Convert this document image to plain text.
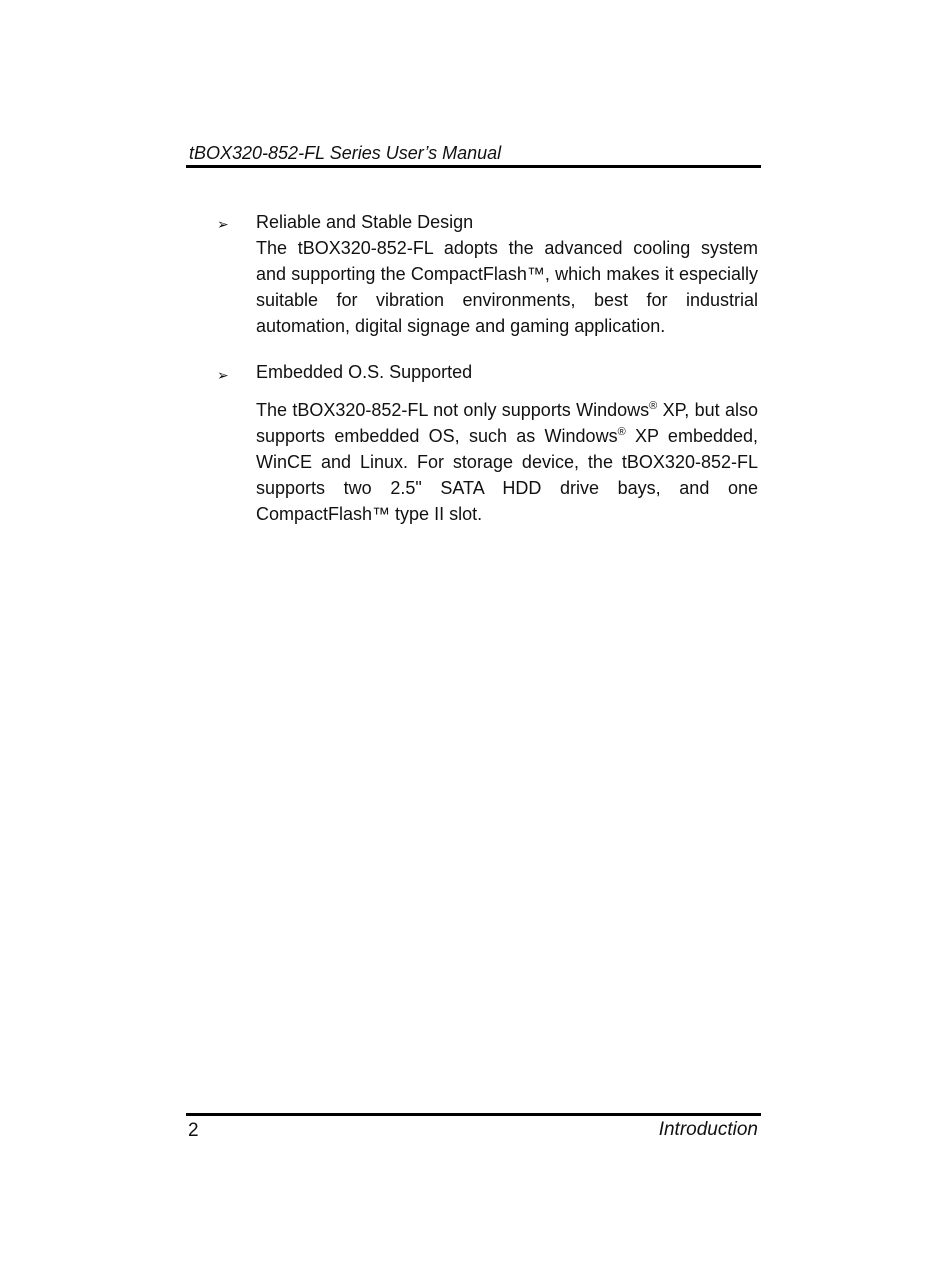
tBOX320-852-FL Series User’s Manual
➢ Reliable and Stable Design
The tBOX320-852-FL adopts the advanced cooling system and supporting the CompactFlash™, which makes it especially suitable for vibration environments, best for industrial automation, digital signage and gaming application.
➢ Embedded O.S. Supported
The tBOX320-852-FL not only supports Windows® XP, but also supports embedded OS, such as Windows® XP embedded, WinCE and Linux. For storage device, the tBOX320-852-FL supports two 2.5" SATA HDD drive bays, and one CompactFlash™ type II slot.
2	Introduction
